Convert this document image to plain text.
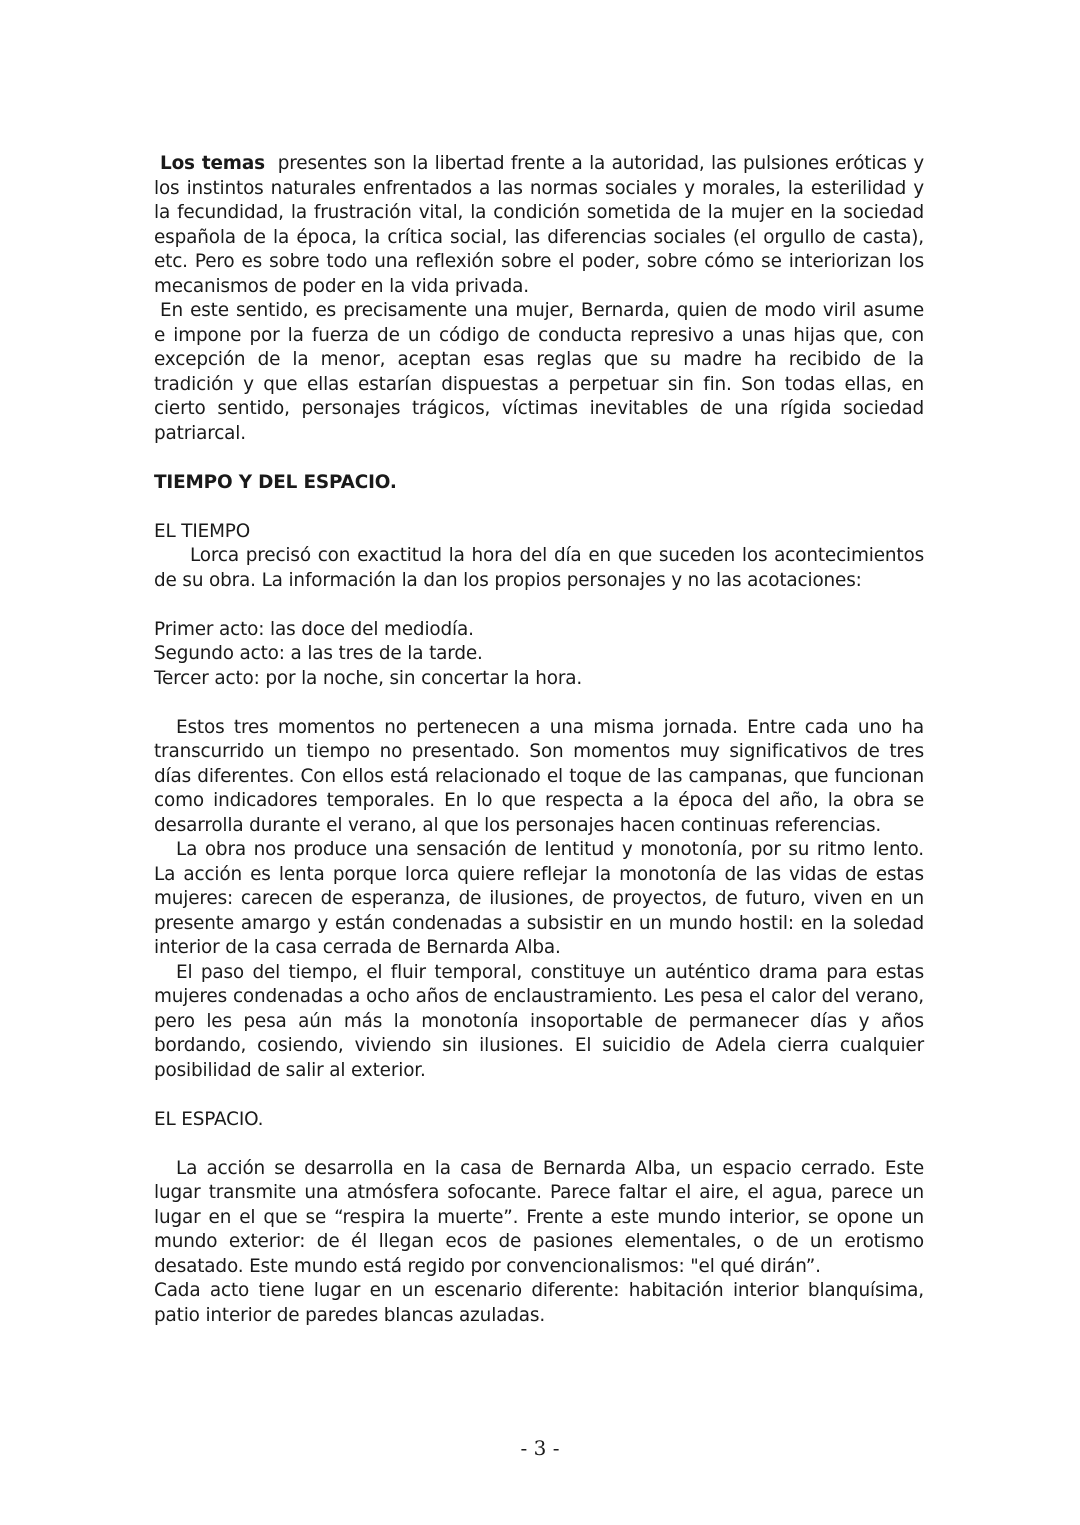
Los temas presentes son la libertad frente a la autoridad, las pulsiones eróticas y los instintos naturales enfrentados a las normas sociales y morales, la esterilidad y la fecundidad, la frustración vital, la condición sometida de la mujer en la sociedad española de la época, la crítica social, las diferencias sociales (el orgullo de casta), etc. Pero es sobre todo una reflexión sobre el poder, sobre cómo se interiorizan los mecanismos de poder en la vida privada.

En este sentido, es precisamente una mujer, Bernarda, quien de modo viril asume e impone por la fuerza de un código de conducta represivo a unas hijas que, con excepción de la menor, aceptan esas reglas que su madre ha recibido de la tradición y que ellas estarían dispuestas a perpetuar sin fin. Son todas ellas, en cierto sentido, personajes trágicos, víctimas inevitables de una rígida sociedad patriarcal.

TIEMPO Y DEL ESPACIO.

EL TIEMPO

Lorca precisó con exactitud la hora del día en que suceden los acontecimientos de su obra. La información la dan los propios personajes y no las acotaciones:

Primer acto: las doce del mediodía.

Segundo acto: a las tres de la tarde.

Tercer acto: por la noche, sin concertar la hora.

Estos tres momentos no pertenecen a una misma jornada. Entre cada uno ha transcurrido un tiempo no presentado. Son momentos muy significativos de tres días diferentes. Con ellos está relacionado el toque de las campanas, que funcionan como indicadores temporales. En lo que respecta a la época del año, la obra se desarrolla durante el verano, al que los personajes hacen continuas referencias.

La obra nos produce una sensación de lentitud y monotonía, por su ritmo lento. La acción es lenta porque lorca quiere reflejar la monotonía de las vidas de estas mujeres: carecen de esperanza, de ilusiones, de proyectos, de futuro, viven en un presente amargo y están condenadas a subsistir en un mundo hostil: en la soledad interior de la casa cerrada de Bernarda Alba.

El paso del tiempo, el fluir temporal, constituye un auténtico drama para estas mujeres condenadas a ocho años de enclaustramiento. Les pesa el calor del verano, pero les pesa aún más la monotonía insoportable de permanecer días y años bordando, cosiendo, viviendo sin ilusiones. El suicidio de Adela cierra cualquier posibilidad de salir al exterior.

EL ESPACIO.

La acción se desarrolla en la casa de Bernarda Alba, un espacio cerrado. Este lugar transmite una atmósfera sofocante. Parece faltar el aire, el agua, parece un lugar en el que se “respira la muerte”. Frente a este mundo interior, se opone un mundo exterior: de él llegan ecos de pasiones elementales, o de un erotismo desatado. Este mundo está regido por convencionalismos: "el qué dirán”.

Cada acto tiene lugar en un escenario diferente: habitación interior blanquísima, patio interior de paredes blancas azuladas.

- 3 -
